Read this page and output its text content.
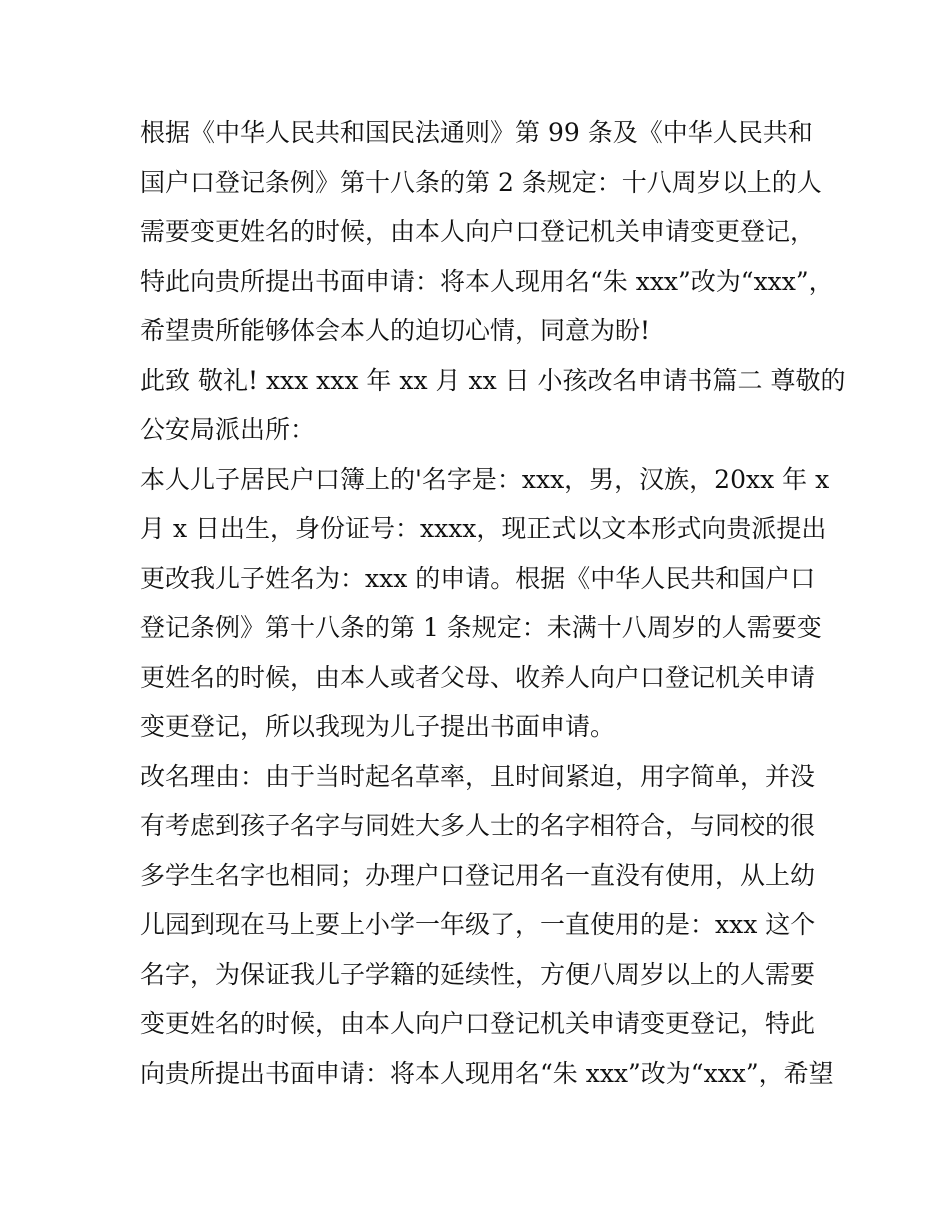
根据《中华人民共和国民法通则》第 99 条及《中华人民共和
国户口登记条例》第十八条的第 2 条规定：十八周岁以上的人
需要变更姓名的时候，由本人向户口登记机关申请变更登记，
特此向贵所提出书面申请：将本人现用名“朱 xxx”改为“xxx”，
希望贵所能够体会本人的迫切心情，同意为盼!
此致 敬礼! xxx xxx 年 xx 月 xx 日 小孩改名申请书篇二 尊敬的
公安局派出所：
本人儿子居民户口簿上的'名字是：xxx，男，汉族，20xx 年 x
月 x 日出生，身份证号：xxxx，现正式以文本形式向贵派提出
更改我儿子姓名为：xxx 的申请。根据《中华人民共和国户口
登记条例》第十八条的第 1 条规定：未满十八周岁的人需要变
更姓名的时候，由本人或者父母、收养人向户口登记机关申请
变更登记，所以我现为儿子提出书面申请。
改名理由：由于当时起名草率，且时间紧迫，用字简单，并没
有考虑到孩子名字与同姓大多人士的名字相符合，与同校的很
多学生名字也相同；办理户口登记用名一直没有使用，从上幼
儿园到现在马上要上小学一年级了，一直使用的是：xxx 这个
名字，为保证我儿子学籍的延续性，方便八周岁以上的人需要
变更姓名的时候，由本人向户口登记机关申请变更登记，特此
向贵所提出书面申请：将本人现用名“朱 xxx”改为“xxx”，希望
